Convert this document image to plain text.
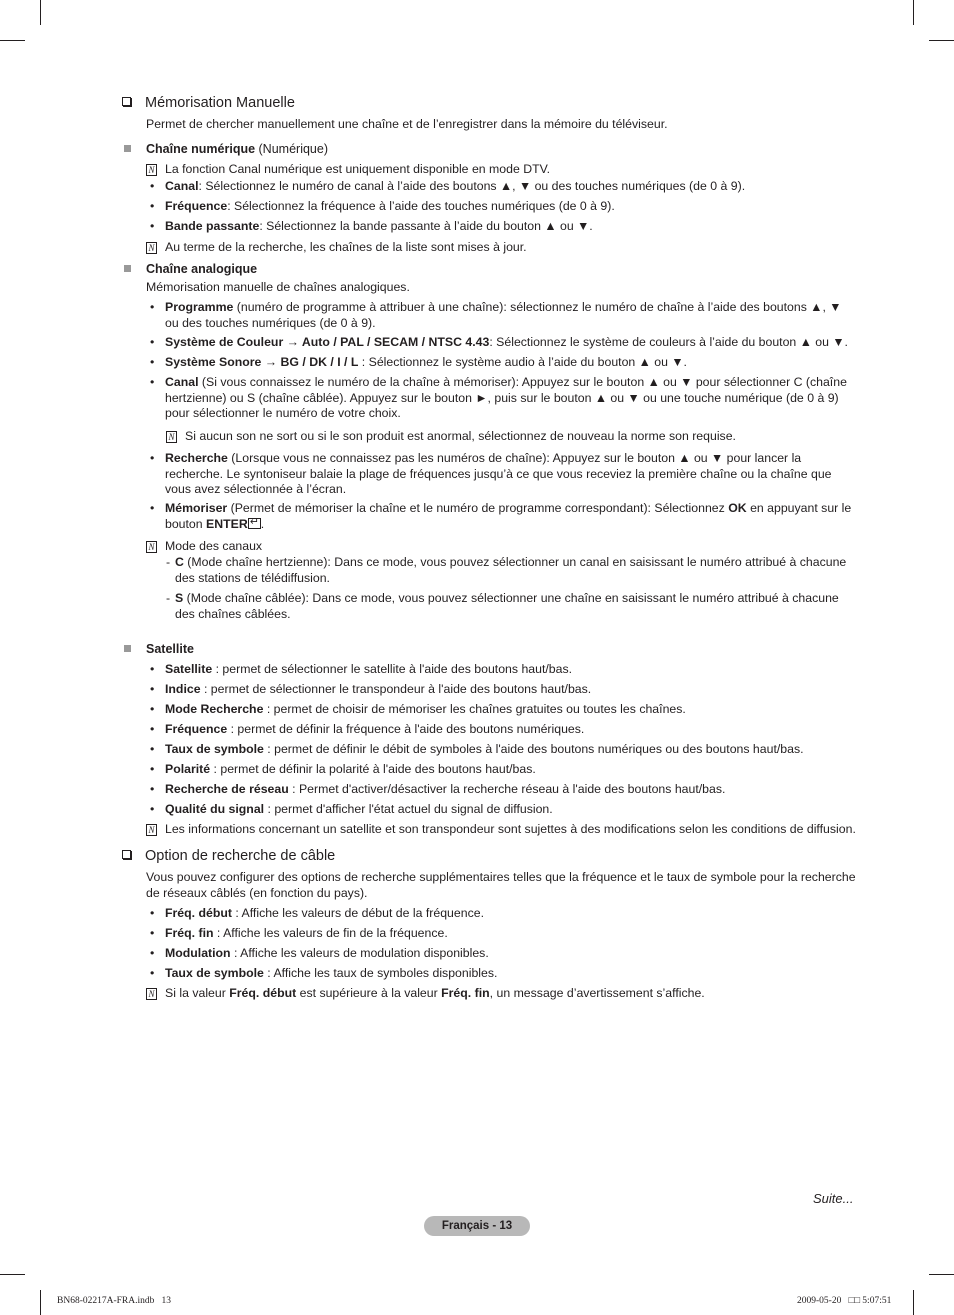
Mémorisation Manuelle
Permet de chercher manuellement une chaîne et de l’enregistrer dans la mémoire du téléviseur.
Chaîne numérique (Numérique)
N La fonction Canal numérique est uniquement disponible en mode DTV.
• Canal: Sélectionnez le numéro de canal à l’aide des boutons ▲, ▼ ou des touches numériques (de 0 à 9).
• Fréquence: Sélectionnez la fréquence à l’aide des touches numériques (de 0 à 9).
• Bande passante: Sélectionnez la bande passante à l’aide du bouton ▲ ou ▼.
N Au terme de la recherche, les chaînes de la liste sont mises à jour.
Chaîne analogique
Mémorisation manuelle de chaînes analogiques.
• Programme (numéro de programme à attribuer à une chaîne): sélectionnez le numéro de chaîne à l’aide des boutons ▲, ▼ ou des touches numériques (de 0 à 9).
• Système de Couleur → Auto / PAL / SECAM / NTSC 4.43: Sélectionnez le système de couleurs à l’aide du bouton ▲ ou ▼.
• Système Sonore → BG / DK / I / L : Sélectionnez le système audio à l’aide du bouton ▲ ou ▼.
• Canal (Si vous connaissez le numéro de la chaîne à mémoriser): Appuyez sur le bouton ▲ ou ▼ pour sélectionner C (chaîne hertzienne) ou S (chaîne câblée). Appuyez sur le bouton ►, puis sur le bouton ▲ ou ▼ ou une touche numérique (de 0 à 9) pour sélectionner le numéro de votre choix.
N Si aucun son ne sort ou si le son produit est anormal, sélectionnez de nouveau la norme son requise.
• Recherche (Lorsque vous ne connaissez pas les numéros de chaîne): Appuyez sur le bouton ▲ ou ▼ pour lancer la recherche. Le syntoniseur balaie la plage de fréquences jusqu’à ce que vous receviez la première chaîne ou la chaîne que vous avez sélectionnée à l’écran.
• Mémoriser (Permet de mémoriser la chaîne et le numéro de programme correspondant): Sélectionnez OK en appuyant sur le bouton ENTER↵ .
N Mode des canaux
- C (Mode chaîne hertzienne): Dans ce mode, vous pouvez sélectionner un canal en saisissant le numéro attribué à chacune des stations de télédiffusion.
- S (Mode chaîne câblée): Dans ce mode, vous pouvez sélectionner une chaîne en saisissant le numéro attribué à chacune des chaînes câblées.
Satellite
• Satellite : permet de sélectionner le satellite à l'aide des boutons haut/bas.
• Indice : permet de sélectionner le transpondeur à l'aide des boutons haut/bas.
• Mode Recherche : permet de choisir de mémoriser les chaînes gratuites ou toutes les chaînes.
• Fréquence : permet de définir la fréquence à l'aide des boutons numériques.
• Taux de symbole : permet de définir le débit de symboles à l'aide des boutons numériques ou des boutons haut/bas.
• Polarité : permet de définir la polarité à l'aide des boutons haut/bas.
• Recherche de réseau : Permet d'activer/désactiver la recherche réseau à l'aide des boutons haut/bas.
• Qualité du signal : permet d'afficher l'état actuel du signal de diffusion.
N Les informations concernant un satellite et son transpondeur sont sujettes à des modifications selon les conditions de diffusion.
Option de recherche de câble
Vous pouvez configurer des options de recherche supplémentaires telles que la fréquence et le taux de symbole pour la recherche de réseaux câblés (en fonction du pays).
• Fréq. début : Affiche les valeurs de début de la fréquence.
• Fréq. fin : Affiche les valeurs de fin de la fréquence.
• Modulation : Affiche les valeurs de modulation disponibles.
• Taux de symbole : Affiche les taux de symboles disponibles.
N Si la valeur Fréq. début est supérieure à la valeur Fréq. fin, un message d’avertissement s’affiche.
Suite...
Français - 13
BN68-02217A-FRA.indb   13	2009-05-20   □□ 5:07:51
